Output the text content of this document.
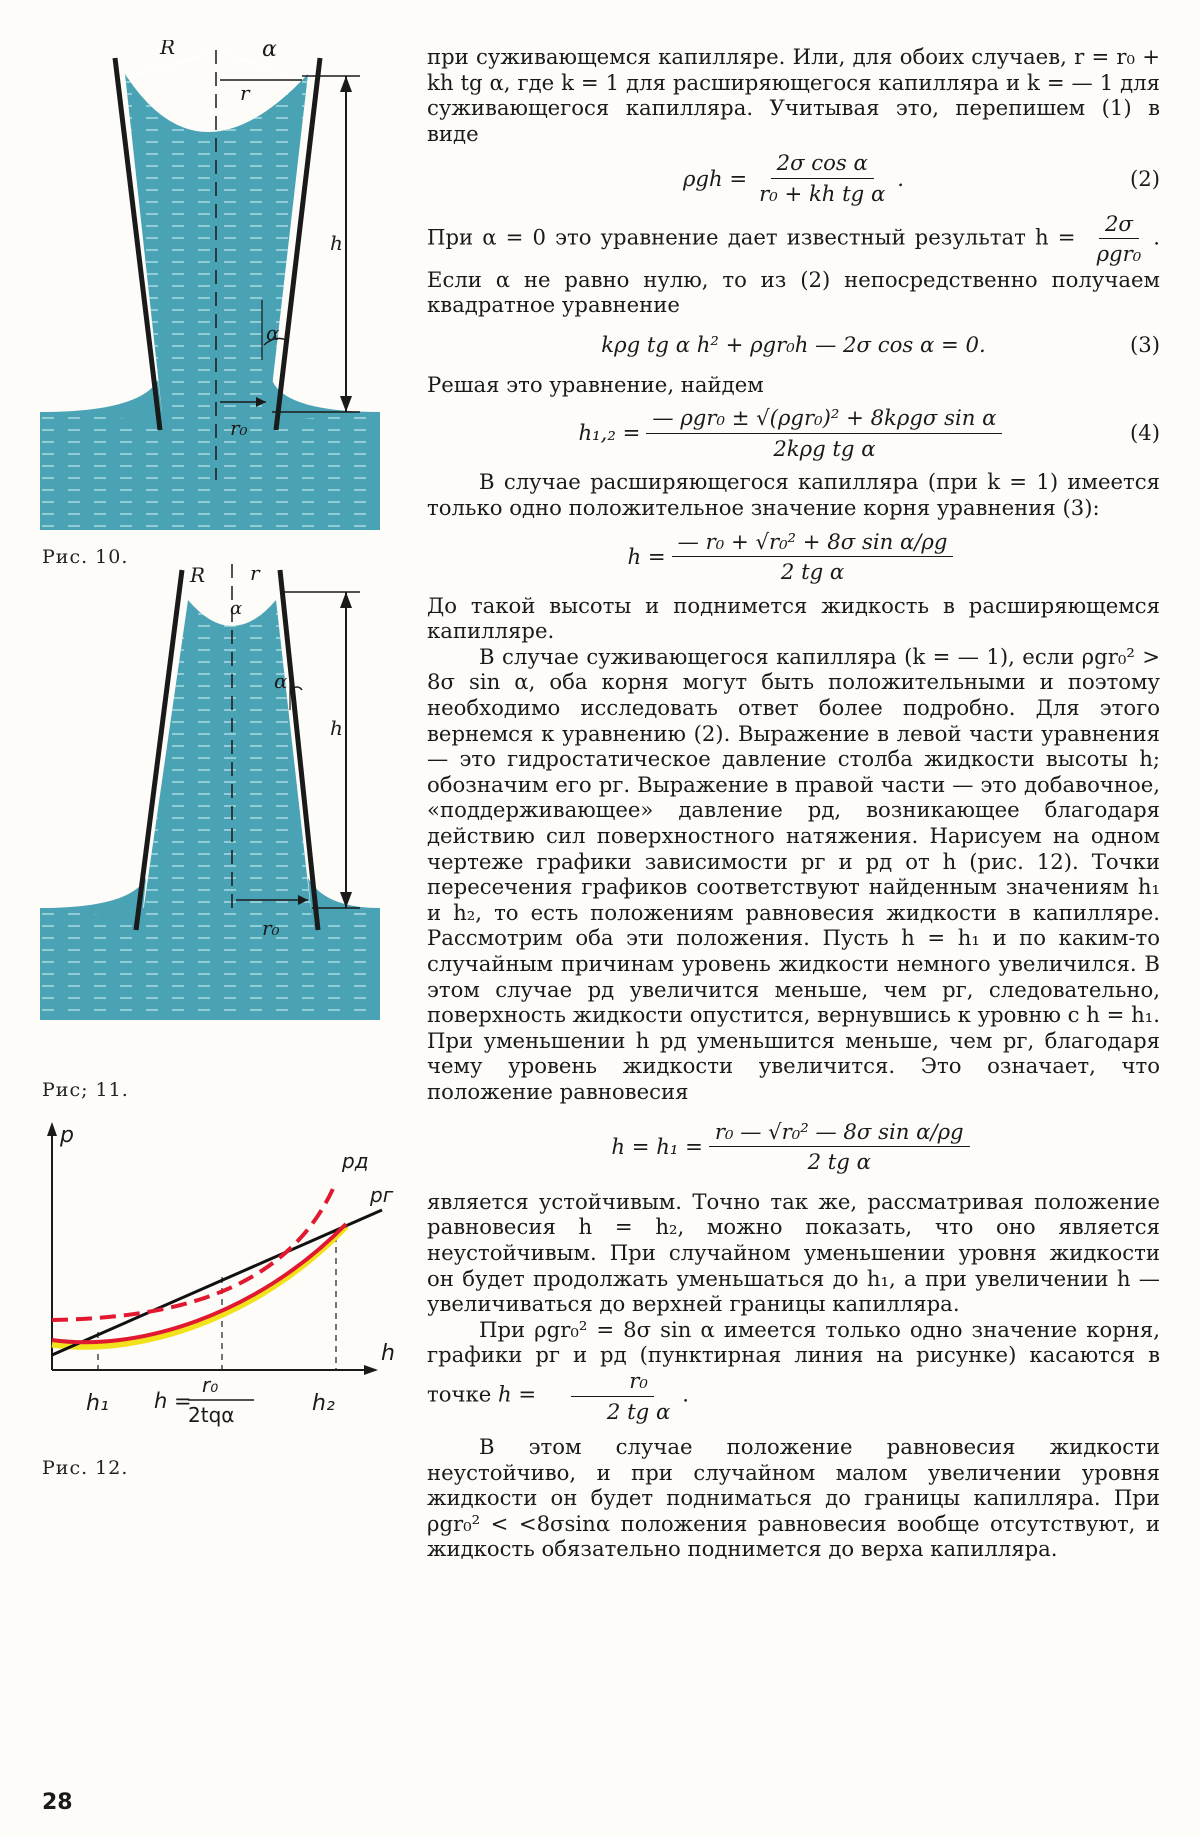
R	α
r
h
α
r₀
Рис. 10.
R r
α
α
h
r₀
Рис; 11.
p
h
pд
pг
h₁ h =
r₀
2tqα	h₂
Рис. 12.

при суживающемся капилляре. Или, для обоих случаев, r = r₀ + kh tg α, где k = 1 для расширяющегося капилляра и k = — 1 для суживающегося капилляра. Учитывая это, перепишем (1) в виде

$\rho gh = \frac{\text{2σ cos α}}{\text{r₀ + kh tg α}}$ .	(2)

При α = 0 это уравнение дает известный результат $h = \frac{2\sigma}{\text{ρgr₀}}$ . Если α не равно нулю, то из (2) непосредственно получаем квадратное уравнение

kρg tg α h² + ρgr₀h — 2σ cos α = 0.	(3)

Решая это уравнение, найдем

$h_1,_2 = \frac{\text{— ρgr₀ ± √(ρgr₀)² + 8kρgσ sin α}}{\text{2kρg tg α}}$	(4)

В случае расширяющегося капилляра (при k = 1) имеется только одно положительное значение корня уравнения (3):

$h = \frac{\text{— r₀ + √r₀² + 8σ sin α/ρg}}{\text{2 tg α}}$

До такой высоты и поднимется жидкость в расширяющемся капилляре.

В случае суживающегося капилляра (k = — 1), если ρgr₀² > 8σ sin α, оба корня могут быть положительными и поэтому необходимо исследовать ответ более подробно. Для этого вернемся к уравнению (2). Выражение в левой части уравнения — это гидростатическое давление столба жидкости высоты h; обозначим его pг. Выражение в правой части — это добавочное, «поддерживающее» давление pд, возникающее благодаря действию сил поверхностного натяжения. Нарисуем на одном чертеже графики зависимости pг и pд от h (рис. 12). Точки пересечения графиков соответствуют найденным значениям h₁ и h₂, то есть положениям равновесия жидкости в капилляре. Рассмотрим оба эти положения. Пусть h = h₁ и по каким-то случайным причинам уровень жидкости немного увеличился. В этом случае pд увеличится меньше, чем pг, следовательно, поверхность жидкости опустится, вернувшись к уровню с h = h₁. При уменьшении h pд уменьшится меньше, чем pг, благодаря чему уровень жидкости увеличится. Это означает, что положение равновесия

$h = h_1 = \frac{\text{r₀ — √r₀² — 8σ sin α/ρg}}{\text{2 tg α}}$

является устойчивым. Точно так же, рассматривая положение равновесия h = h₂, можно показать, что оно является неустойчивым. При случайном уменьшении уровня жидкости он будет продолжать уменьшаться до h₁, а при увеличении h — увеличиваться до верхней границы капилляра.

При ρgr₀² = 8σ sin α имеется только одно значение корня, графики pг и pд (пунктирная линия на рисунке) касаются в точке $h = \frac{\text{r₀}}{\text{2 tg α}}$ .

В этом случае положение равновесия жидкости неустойчиво, и при случайном малом увеличении уровня жидкости он будет подниматься до границы капилляра. При ρgr₀² < <8σsinα положения равновесия вообще отсутствуют, и жидкость обязательно поднимется до верха капилляра.

28
